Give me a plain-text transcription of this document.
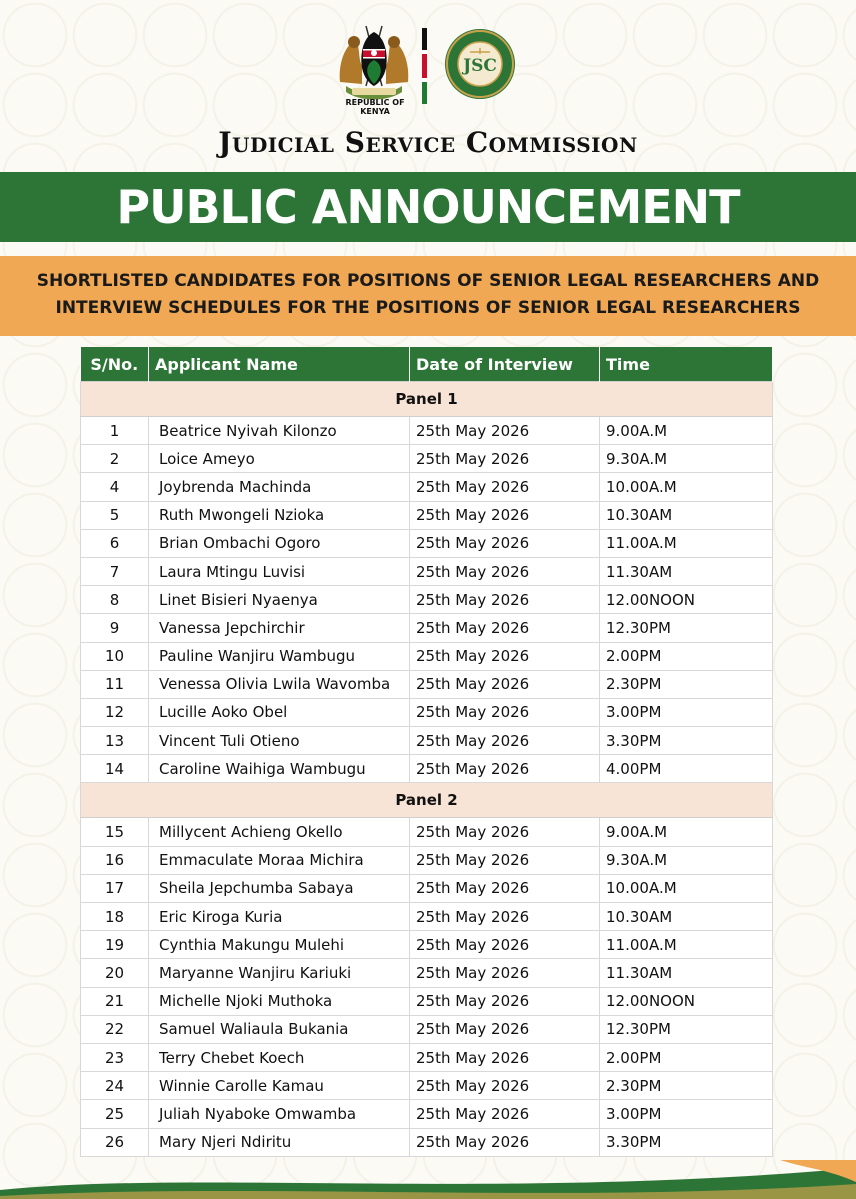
REPUBLIC OF KENYA
JSC
Judicial Service Commission
PUBLIC ANNOUNCEMENT
SHORTLISTED CANDIDATES FOR POSITIONS OF SENIOR LEGAL RESEARCHERS AND
INTERVIEW SCHEDULES FOR THE POSITIONS OF SENIOR LEGAL RESEARCHERS
S/No.	Applicant Name	Date of Interview	Time
Panel 1			
1	Beatrice Nyivah Kilonzo	25th May 2026	9.00A.M
2	Loice Ameyo	25th May 2026	9.30A.M
4	Joybrenda Machinda	25th May 2026	10.00A.M
5	Ruth Mwongeli Nzioka	25th May 2026	10.30AM
6	Brian Ombachi Ogoro	25th May 2026	11.00A.M
7	Laura Mtingu Luvisi	25th May 2026	11.30AM
8	Linet Bisieri Nyaenya	25th May 2026	12.00NOON
9	Vanessa Jepchirchir	25th May 2026	12.30PM
10	Pauline Wanjiru Wambugu	25th May 2026	2.00PM
11	Venessa Olivia Lwila Wavomba	25th May 2026	2.30PM
12	Lucille Aoko Obel	25th May 2026	3.00PM
13	Vincent Tuli Otieno	25th May 2026	3.30PM
14	Caroline Waihiga Wambugu	25th May 2026	4.00PM
Panel 2			
15	Millycent Achieng Okello	25th May 2026	9.00A.M
16	Emmaculate Moraa Michira	25th May 2026	9.30A.M
17	Sheila Jepchumba Sabaya	25th May 2026	10.00A.M
18	Eric Kiroga Kuria	25th May 2026	10.30AM
19	Cynthia Makungu Mulehi	25th May 2026	11.00A.M
20	Maryanne Wanjiru Kariuki	25th May 2026	11.30AM
21	Michelle Njoki Muthoka	25th May 2026	12.00NOON
22	Samuel Waliaula Bukania	25th May 2026	12.30PM
23	Terry Chebet Koech	25th May 2026	2.00PM
24	Winnie Carolle Kamau	25th May 2026	2.30PM
25	Juliah Nyaboke Omwamba	25th May 2026	3.00PM
26	Mary Njeri Ndiritu	25th May 2026	3.30PM
